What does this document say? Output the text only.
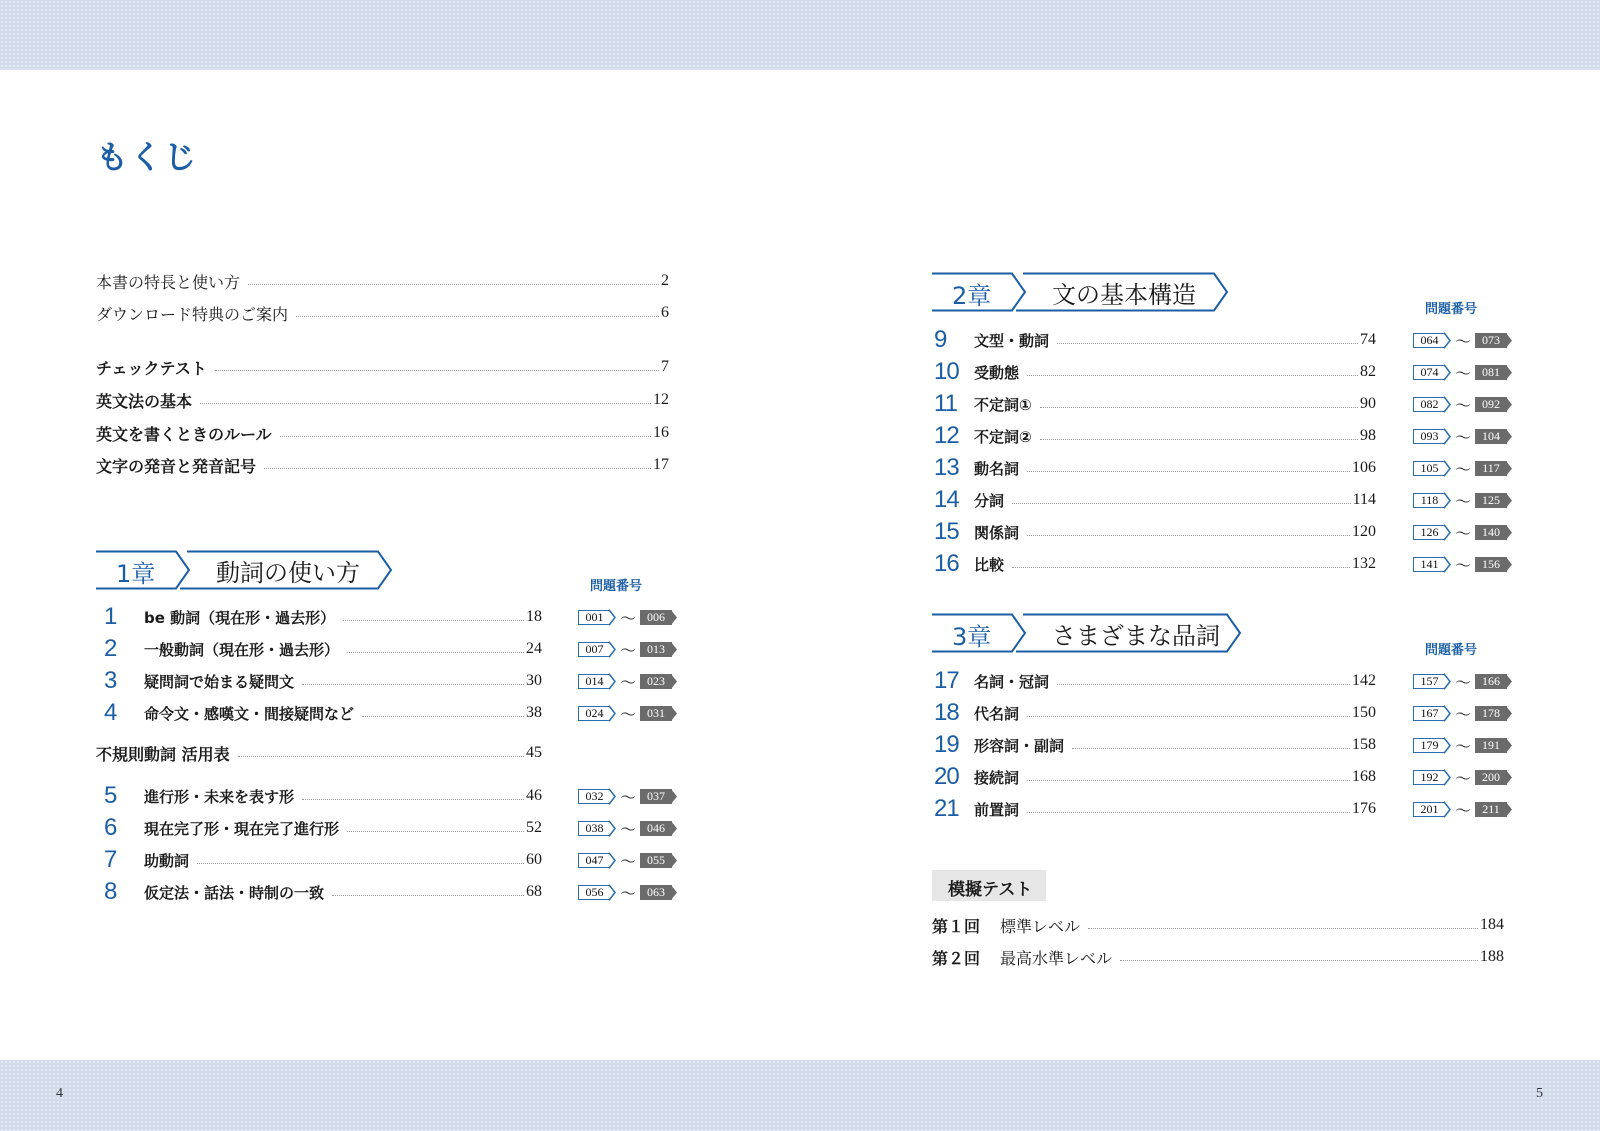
4	5
もくじ
本書の特長と使い方	2
ダウンロード特典のご案内	6
チェックテスト	7
英文法の基本	12
英文を書くときのルール	16
文字の発音と発音記号	17
1章	動詞の使い方	問題番号
1	be 動詞（現在形・過去形）	18	001	〜 006
2	一般動詞（現在形・過去形）	24	007	〜 013
3	疑問詞で始まる疑問文	30	014	〜 023
4	命令文・感嘆文・間接疑問など	38	024	〜 031
不規則動詞 活用表	45
5	進行形・未来を表す形	46	032	〜 037
6	現在完了形・現在完了進行形	52	038	〜 046
7	助動詞	60	047	〜 055
8	仮定法・話法・時制の一致	68	056	〜 063
2章	文の基本構造
問題番号
9	文型・動詞	74	064	〜 073
10	受動態	82	074	〜 081
11	不定詞①	90	082	〜 092
12	不定詞②	98	093	〜 104
13	動名詞	106	105	〜 117
14	分詞	114	118	〜 125
15	関係詞	120	126	〜 140
16	比較	132	141	〜 156
3章	さまざまな品詞
問題番号
17	名詞・冠詞	142	157	〜 166
18	代名詞	150	167	〜 178
19	形容詞・副詞	158	179	〜 191
20	接続詞	168	192	〜 200
21	前置詞	176	201	〜 211
模擬テスト
第１回	標準レベル	184
第２回	最高水準レベル	188
